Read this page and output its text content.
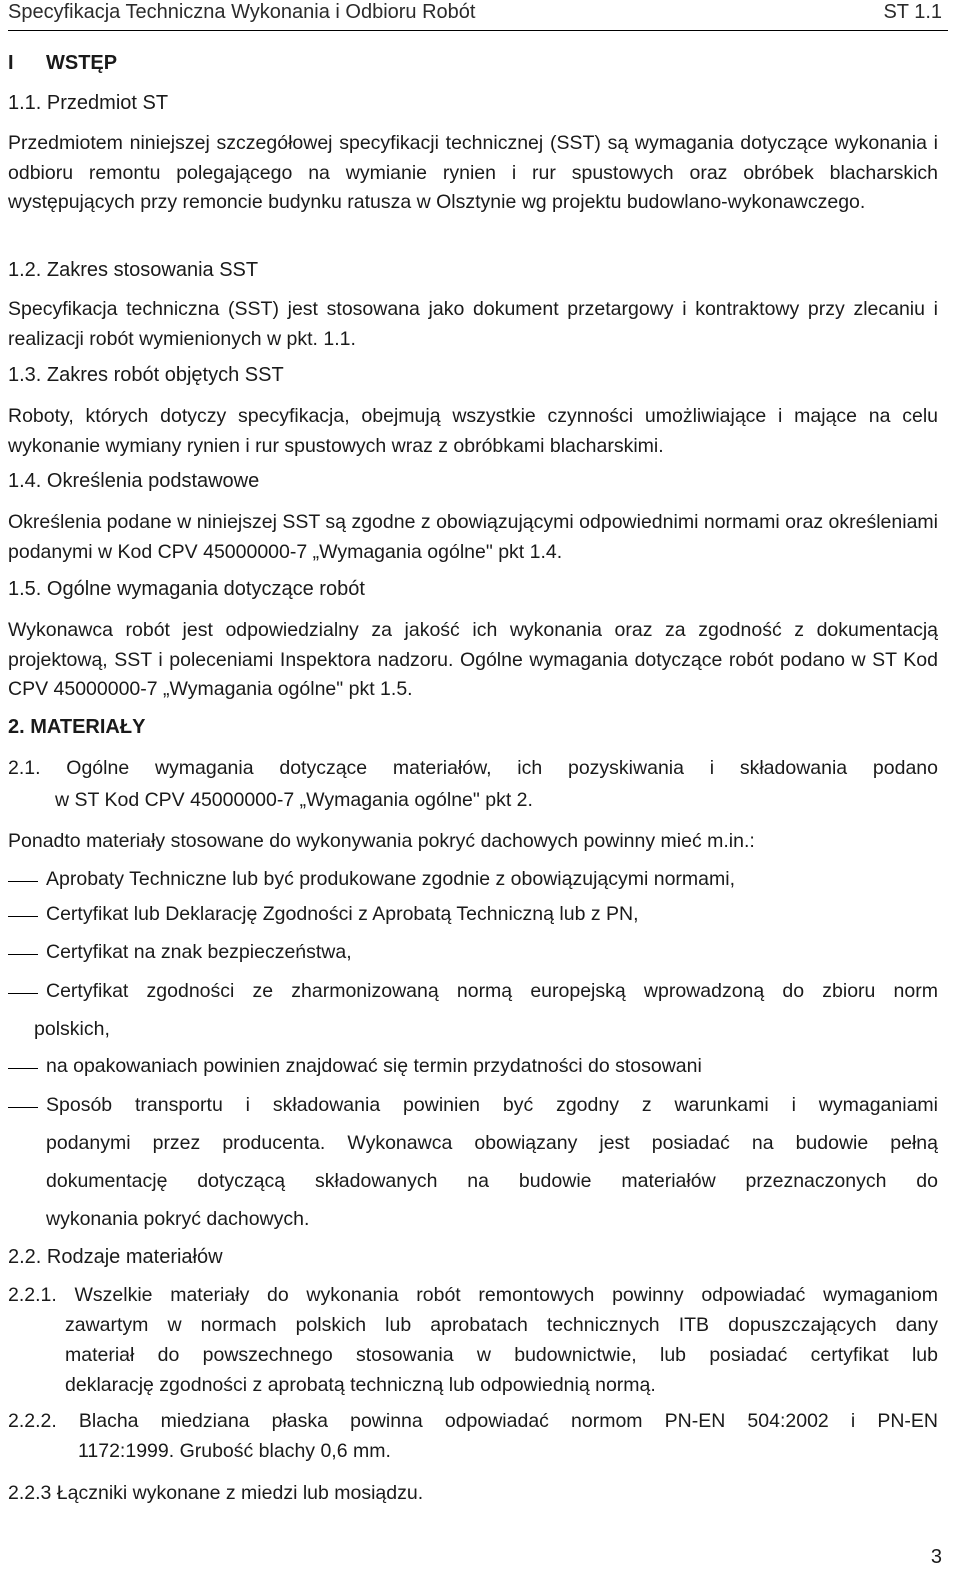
Specyfikacja Techniczna Wykonania i Odbioru Robót	ST 1.1
I WSTĘP
1.1. Przedmiot ST
Przedmiotem niniejszej szczegółowej specyfikacji technicznej (SST) są wymagania dotyczące wykonania i odbioru remontu polegającego na wymianie rynien i rur spustowych oraz obróbek blacharskich występujących przy remoncie budynku ratusza w Olsztynie wg projektu budowlano-wykonawczego.
1.2. Zakres stosowania SST
Specyfikacja techniczna (SST) jest stosowana jako dokument przetargowy i kontraktowy przy zlecaniu i realizacji robót wymienionych w pkt. 1.1.
1.3. Zakres robót objętych SST
Roboty, których dotyczy specyfikacja, obejmują wszystkie czynności umożliwiające i mające na celu wykonanie wymiany rynien i rur spustowych wraz z obróbkami blacharskimi.
1.4. Określenia podstawowe
Określenia podane w niniejszej SST są zgodne z obowiązującymi odpowiednimi normami oraz określeniami podanymi w Kod CPV 45000000-7 „Wymagania ogólne" pkt 1.4.
1.5. Ogólne wymagania dotyczące robót
Wykonawca robót jest odpowiedzialny za jakość ich wykonania oraz za zgodność z dokumentacją projektową, SST i poleceniami Inspektora nadzoru. Ogólne wymagania dotyczące robót podano w ST Kod CPV 45000000-7 „Wymagania ogólne" pkt 1.5.
2. MATERIAŁY
2.1. Ogólne wymagania dotyczące materiałów, ich pozyskiwania i składowania podano
w ST Kod CPV 45000000-7 „Wymagania ogólne" pkt 2.
Ponadto materiały stosowane do wykonywania pokryć dachowych powinny mieć m.in.:
Aprobaty Techniczne lub być produkowane zgodnie z obowiązującymi normami,
Certyfikat lub Deklarację Zgodności z Aprobatą Techniczną lub z PN,
Certyfikat na znak bezpieczeństwa,
Certyfikat zgodności ze zharmonizowaną normą europejską wprowadzoną do zbioru norm
polskich,
na opakowaniach powinien znajdować się termin przydatności do stosowani
Sposób transportu i składowania powinien być zgodny z warunkami i wymaganiami
podanymi przez producenta. Wykonawca obowiązany jest posiadać na budowie pełną
dokumentację dotyczącą składowanych na budowie materiałów przeznaczonych do
wykonania pokryć dachowych.
2.2. Rodzaje materiałów
2.2.1. Wszelkie materiały do wykonania robót remontowych powinny odpowiadać wymaganiom
zawartym w normach polskich lub aprobatach technicznych ITB dopuszczających dany
materiał do powszechnego stosowania w budownictwie, lub posiadać certyfikat lub
deklarację zgodności z aprobatą techniczną lub odpowiednią normą.
2.2.2. Blacha miedziana płaska powinna odpowiadać normom PN-EN 504:2002 i PN-EN
1172:1999. Grubość blachy 0,6 mm.
2.2.3 Łączniki wykonane z miedzi lub mosiądzu.
3
